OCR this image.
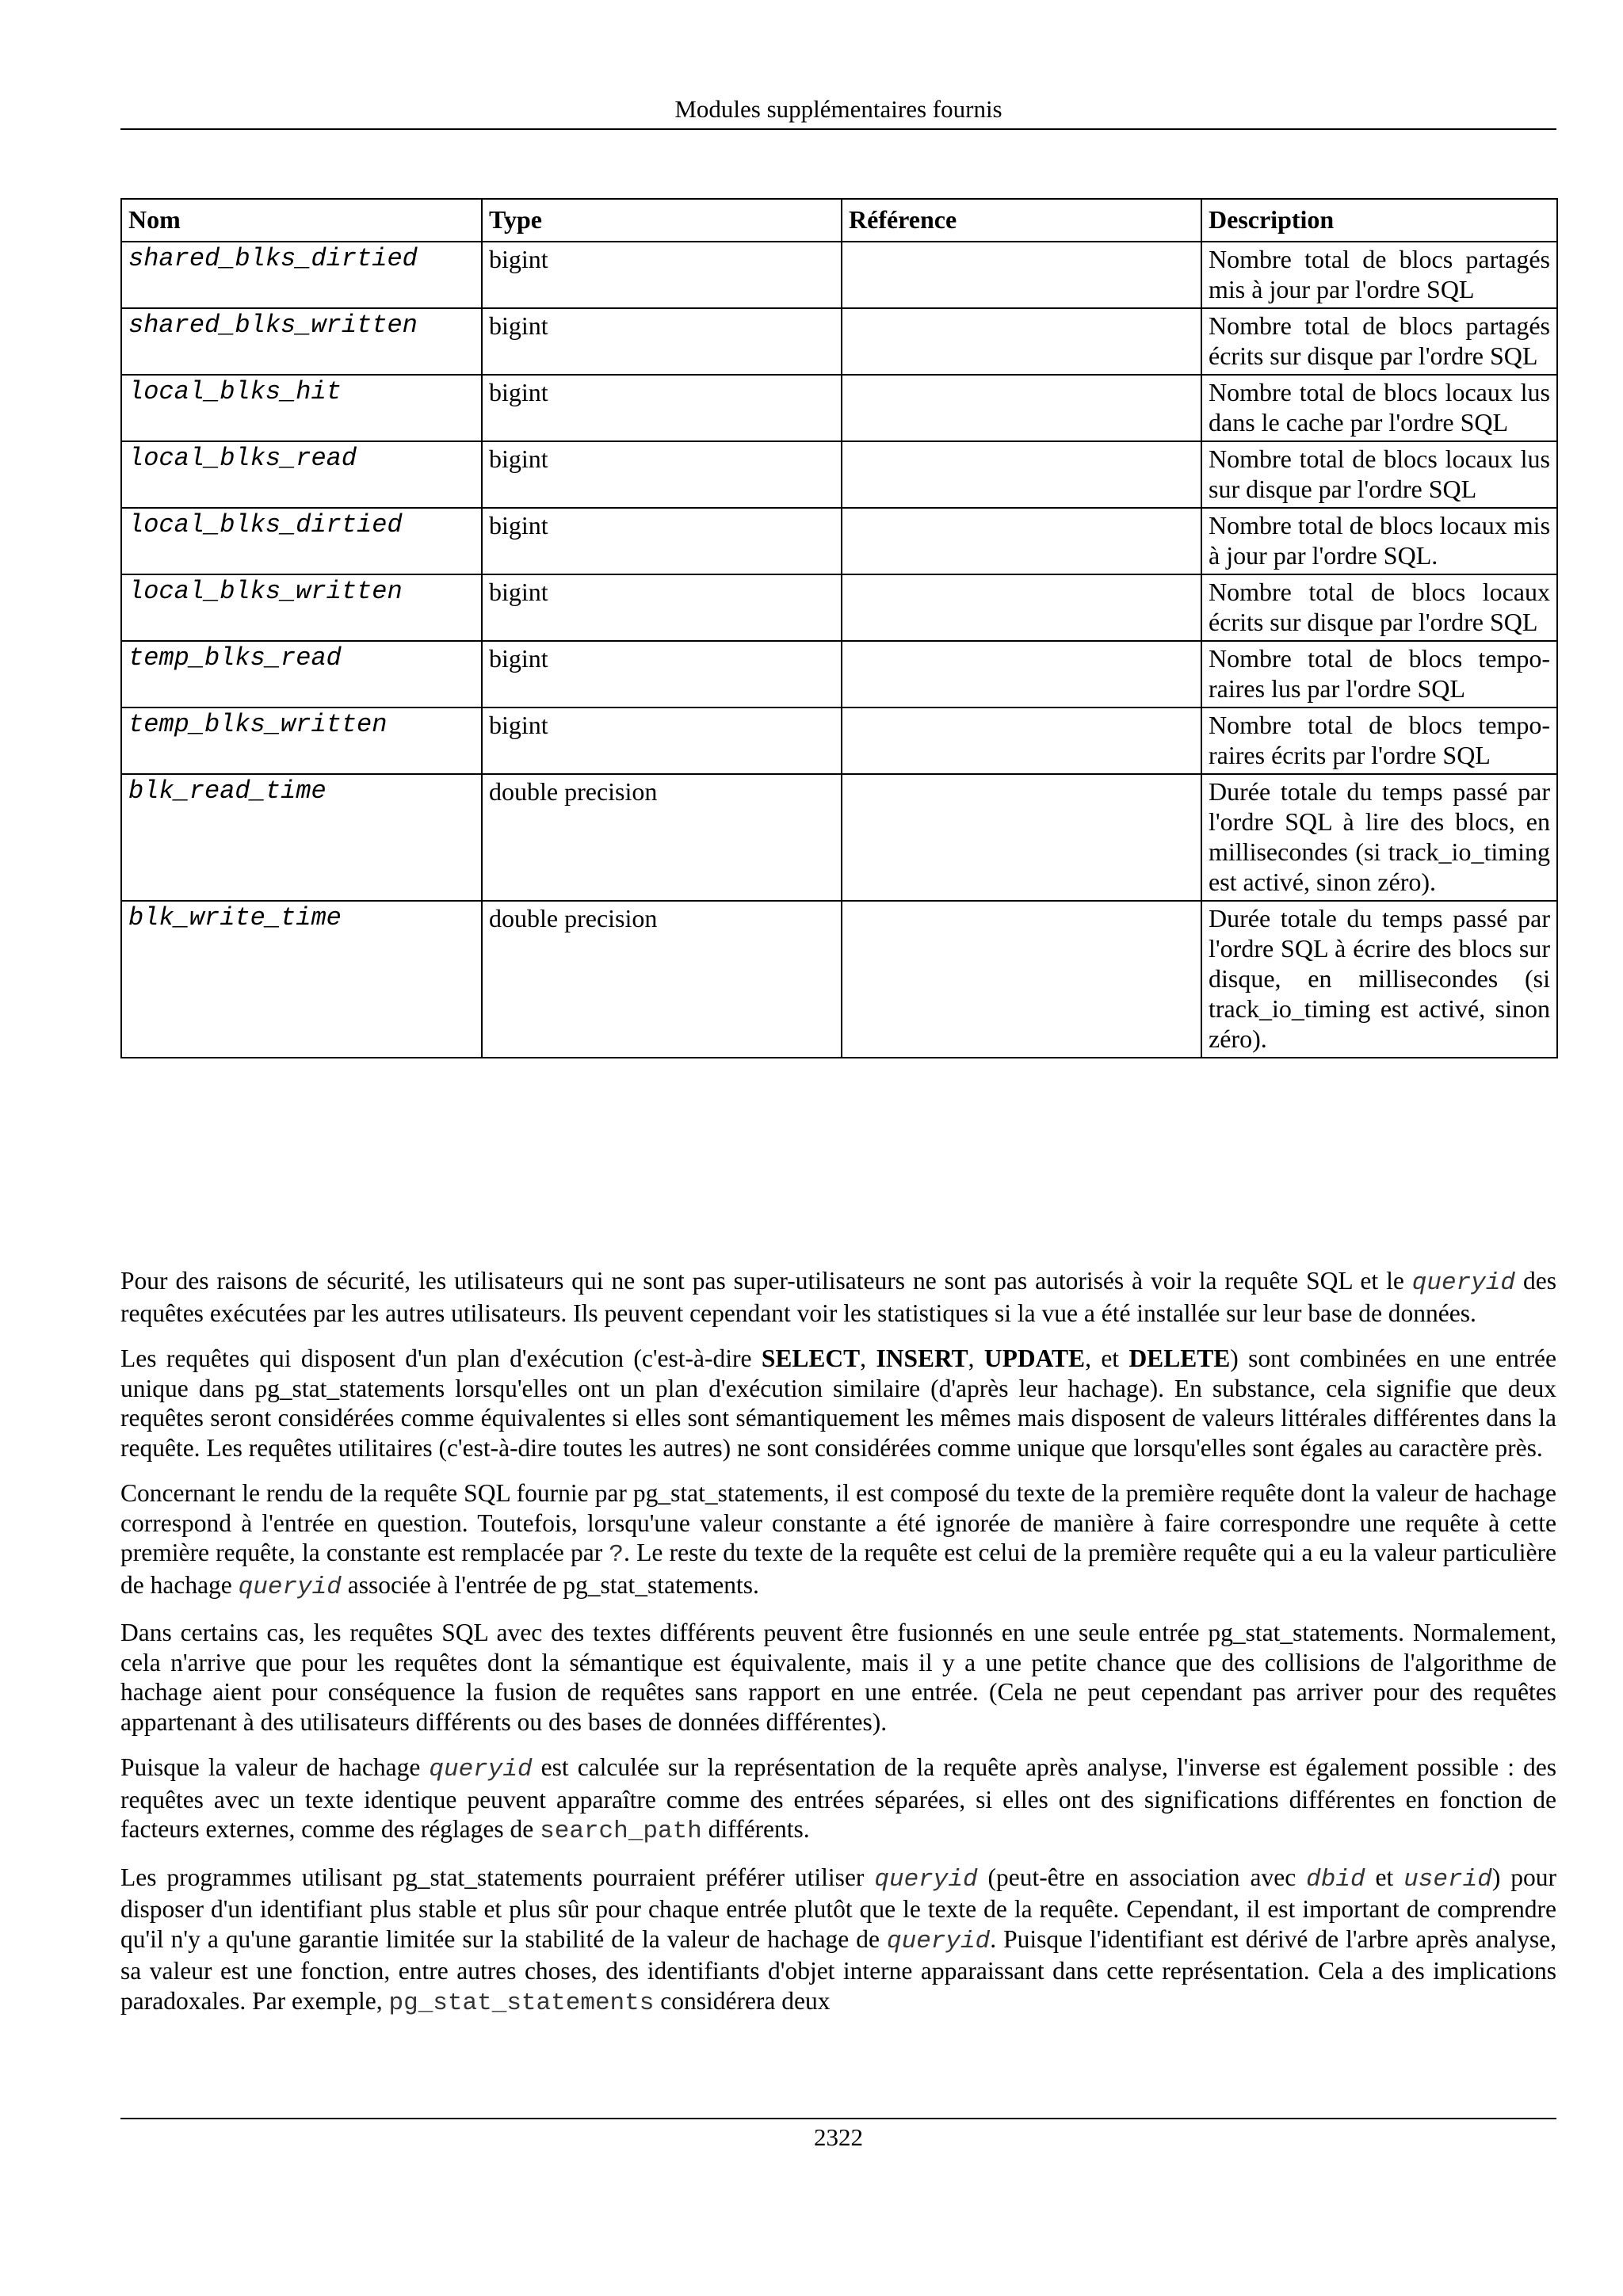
Modules supplémentaires fournis
Nom	Type	Référence	Description
shared_blks_dirtied	bigint		Nombre total de blocs partagés mis à jour par l'ordre SQL
shared_blks_written	bigint		Nombre total de blocs partagés écrits sur disque par l'ordre SQL
local_blks_hit	bigint		Nombre total de blocs locaux lus dans le cache par l'ordre SQL
local_blks_read	bigint		Nombre total de blocs locaux lus sur disque par l'ordre SQL
local_blks_dirtied	bigint		Nombre total de blocs locaux mis à jour par l'ordre SQL.
local_blks_written	bigint		Nombre total de blocs locaux écrits sur disque par l'ordre SQL
temp_blks_read	bigint		Nombre total de blocs temporaires lus par l'ordre SQL
temp_blks_written	bigint		Nombre total de blocs temporaires écrits par l'ordre SQL
blk_read_time	double precision		Durée totale du temps passé par l'ordre SQL à lire des blocs, en millisecondes (si track_io_timing est activé, sinon zéro).
blk_write_time	double precision		Durée totale du temps passé par l'ordre SQL à écrire des blocs sur disque, en millisecondes (si track_io_timing est activé, sinon zéro).

Pour des raisons de sécurité, les utilisateurs qui ne sont pas super-utilisateurs ne sont pas autorisés à voir la requête SQL et le queryid des requêtes exécutées par les autres utilisateurs. Ils peuvent cependant voir les statistiques si la vue a été installée sur leur base de données.

Les requêtes qui disposent d'un plan d'exécution (c'est-à-dire SELECT, INSERT, UPDATE, et DELETE) sont combinées en une entrée unique dans pg_stat_statements lorsqu'elles ont un plan d'exécution similaire (d'après leur hachage). En substance, cela signifie que deux requêtes seront considérées comme équivalentes si elles sont sémantiquement les mêmes mais disposent de valeurs littérales différentes dans la requête. Les requêtes utilitaires (c'est-à-dire toutes les autres) ne sont considérées comme unique que lorsqu'elles sont égales au caractère près.

Concernant le rendu de la requête SQL fournie par pg_stat_statements, il est composé du texte de la première requête dont la valeur de hachage correspond à l'entrée en question. Toutefois, lorsqu'une valeur constante a été ignorée de manière à faire correspondre une requête à cette première requête, la constante est remplacée par ?. Le reste du texte de la requête est celui de la première requête qui a eu la valeur particulière de hachage queryid associée à l'entrée de pg_stat_statements.

Dans certains cas, les requêtes SQL avec des textes différents peuvent être fusionnés en une seule entrée pg_stat_statements. Normalement, cela n'arrive que pour les requêtes dont la sémantique est équivalente, mais il y a une petite chance que des collisions de l'algorithme de hachage aient pour conséquence la fusion de requêtes sans rapport en une entrée. (Cela ne peut cependant pas arriver pour des requêtes appartenant à des utilisateurs différents ou des bases de données différentes).

Puisque la valeur de hachage queryid est calculée sur la représentation de la requête après analyse, l'inverse est également possible : des requêtes avec un texte identique peuvent apparaître comme des entrées séparées, si elles ont des significations différentes en fonction de facteurs externes, comme des réglages de search_path différents.

Les programmes utilisant pg_stat_statements pourraient préférer utiliser queryid (peut-être en association avec dbid et userid) pour disposer d'un identifiant plus stable et plus sûr pour chaque entrée plutôt que le texte de la requête. Cependant, il est important de comprendre qu'il n'y a qu'une garantie limitée sur la stabilité de la valeur de hachage de queryid. Puisque l'identifiant est dérivé de l'arbre après analyse, sa valeur est une fonction, entre autres choses, des identifiants d'objet interne apparaissant dans cette représentation. Cela a des implications paradoxales. Par exemple, pg_stat_statements considérera deux

2322
